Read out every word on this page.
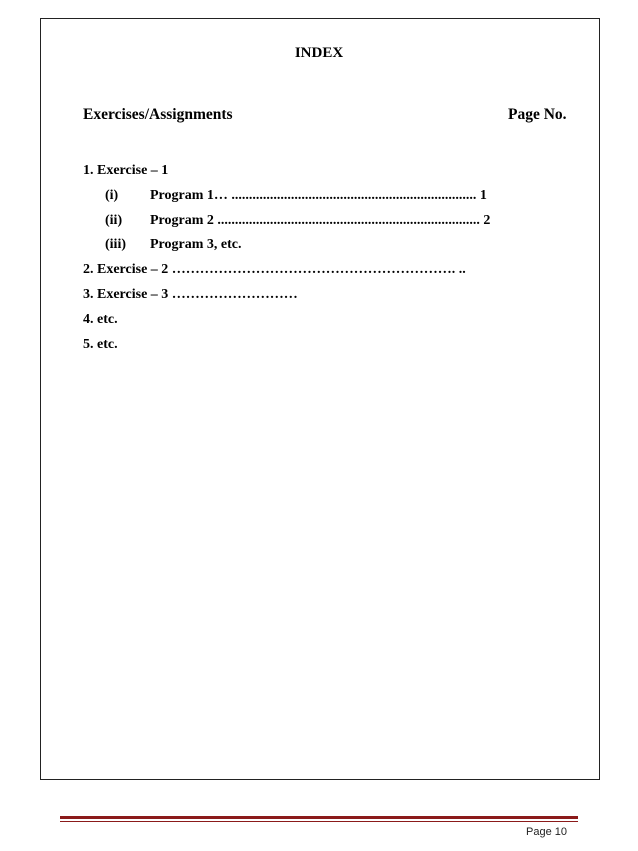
INDEX
Exercises/Assignments	Page No.
1. Exercise – 1
(i) Program 1… ...................................................................... 1
(ii) Program 2 ........................................................................... 2
(iii) Program 3, etc.
2. Exercise – 2 ……………………………………………………. ..
3. Exercise – 3 ………………………
4. etc.
5. etc.
Page 10
